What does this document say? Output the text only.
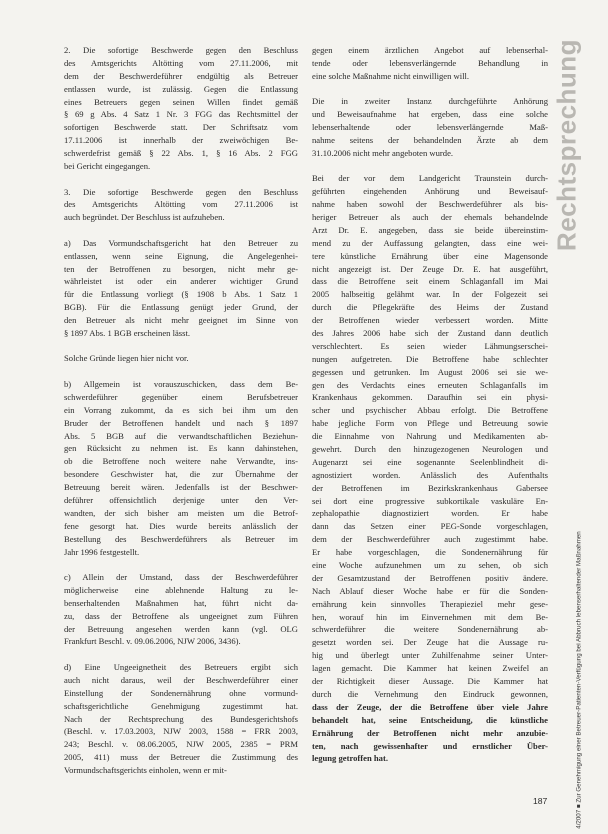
2. Die sofortige Beschwerde gegen den Beschluss
des Amtsgerichts Altötting vom 27.11.2006, mit
dem der Beschwerdeführer endgültig als Betreuer
entlassen wurde, ist zulässig. Gegen die Entlassung
eines Betreuers gegen seinen Willen findet gemäß
§ 69 g Abs. 4 Satz 1 Nr. 3 FGG das Rechtsmittel der
sofortigen Beschwerde statt. Der Schriftsatz vom
17.11.2006 ist innerhalb der zweiwöchigen Be-
schwerdefrist gemäß § 22 Abs. 1, § 16 Abs. 2 FGG
bei Gericht eingegangen.
3. Die sofortige Beschwerde gegen den Beschluss
des Amtsgerichts Altötting vom 27.11.2006 ist
auch begründet. Der Beschluss ist aufzuheben.
a) Das Vormundschaftsgericht hat den Betreuer zu
entlassen, wenn seine Eignung, die Angelegenhei-
ten der Betroffenen zu besorgen, nicht mehr ge-
währleistet ist oder ein anderer wichtiger Grund
für die Entlassung vorliegt (§ 1908 b Abs. 1 Satz 1
BGB). Für die Entlassung genügt jeder Grund, der
den Betreuer als nicht mehr geeignet im Sinne von
§ 1897 Abs. 1 BGB erscheinen lässt.
Solche Gründe liegen hier nicht vor.
b) Allgemein ist vorauszuschicken, dass dem Be-
schwerdeführer gegenüber einem Berufsbetreuer
ein Vorrang zukommt, da es sich bei ihm um den
Bruder der Betroffenen handelt und nach § 1897
Abs. 5 BGB auf die verwandtschaftlichen Beziehun-
gen Rücksicht zu nehmen ist. Es kann dahinstehen,
ob die Betroffene noch weitere nahe Verwandte, ins-
besondere Geschwister hat, die zur Übernahme der
Betreuung bereit wären. Jedenfalls ist der Beschwer-
deführer offensichtlich derjenige unter den Ver-
wandten, der sich bisher am meisten um die Betrof-
fene gesorgt hat. Dies wurde bereits anlässlich der
Bestellung des Beschwerdeführers als Betreuer im
Jahr 1996 festgestellt.
c) Allein der Umstand, dass der Beschwerdeführer
möglicherweise eine ablehnende Haltung zu le-
benserhaltenden Maßnahmen hat, führt nicht da-
zu, dass der Betroffene als ungeeignet zum Führen
der Betreuung angesehen werden kann (vgl. OLG
Frankfurt Beschl. v. 09.06.2006, NJW 2006, 3436).
d) Eine Ungeeignetheit des Betreuers ergibt sich
auch nicht daraus, weil der Beschwerdeführer einer
Einstellung der Sondenernährung ohne vormund-
schaftsgerichtliche Genehmigung zugestimmt hat.
Nach der Rechtsprechung des Bundesgerichtshofs
(Beschl. v. 17.03.2003, NJW 2003, 1588 = FRR 2003,
243; Beschl. v. 08.06.2005, NJW 2005, 2385 = PRM
2005, 411) muss der Betreuer die Zustimmung des
Vormundschaftsgerichts einholen, wenn er mit-
gegen einem ärztlichen Angebot auf lebenserhal-
tende oder lebensverlängernde Behandlung in
eine solche Maßnahme nicht einwilligen will.
Die in zweiter Instanz durchgeführte Anhörung
und Beweisaufnahme hat ergeben, dass eine solche
lebenserhaltende oder lebensverlängernde Maß-
nahme seitens der behandelnden Ärzte ab dem
31.10.2006 nicht mehr angeboten wurde.
Bei der vor dem Landgericht Traunstein durch-
geführten eingehenden Anhörung und Beweisauf-
nahme haben sowohl der Beschwerdeführer als bis-
heriger Betreuer als auch der ehemals behandelnde
Arzt Dr. E. angegeben, dass sie beide übereinstim-
mend zu der Auffassung gelangten, dass eine wei-
tere künstliche Ernährung über eine Magensonde
nicht angezeigt ist. Der Zeuge Dr. E. hat ausgeführt,
dass die Betroffene seit einem Schlaganfall im Mai
2005 halbseitig gelähmt war. In der Folgezeit sei
durch die Pflegekräfte des Heims der Zustand
der Betroffenen wieder verbessert worden. Mitte
des Jahres 2006 habe sich der Zustand dann deutlich
verschlechtert. Es seien wieder Lähmungserschei-
nungen aufgetreten. Die Betroffene habe schlechter
gegessen und getrunken. Im August 2006 sei sie we-
gen des Verdachts eines erneuten Schlaganfalls im
Krankenhaus gekommen. Daraufhin sei ein physi-
scher und psychischer Abbau erfolgt. Die Betroffene
habe jegliche Form von Pflege und Betreuung sowie
die Einnahme von Nahrung und Medikamenten ab-
gewehrt. Durch den hinzugezogenen Neurologen und
Augenarzt sei eine sogenannte Seelenblindheit di-
agnostiziert worden. Anlässlich des Aufenthalts
der Betroffenen im Bezirkskrankenhaus Gabersee
sei dort eine progressive subkortikale vaskuläre En-
zephalopathie diagnostiziert worden. Er habe
dann das Setzen einer PEG-Sonde vorgeschlagen,
dem der Beschwerdeführer auch zugestimmt habe.
Er habe vorgeschlagen, die Sondenernährung für
eine Woche aufzunehmen um zu sehen, ob sich
der Gesamtzustand der Betroffenen positiv ändere.
Nach Ablauf dieser Woche habe er für die Sonden-
ernährung kein sinnvolles Therapieziel mehr gese-
hen, worauf hin im Einvernehmen mit dem Be-
schwerdeführer die weitere Sondenernährung ab-
gesetzt worden sei. Der Zeuge hat die Aussage ru-
hig und überlegt unter Zuhilfenahme seiner Unter-
lagen gemacht. Die Kammer hat keinen Zweifel an
der Richtigkeit dieser Aussage. Die Kammer hat
durch die Vernehmung den Eindruck gewonnen,
dass der Zeuge, der die Betroffene über viele Jahre
behandelt hat, seine Entscheidung, die künstliche
Ernährung der Betroffenen nicht mehr anzubie-
ten, nach gewissenhafter und ernstlicher Über-
legung getroffen hat.
Rechtsprechung
4/2007 ■ Zur Genehmigung einer Betreuer-Patienten-Verfügung bei Abbruch lebenserhaltender Maßnahmen
187
